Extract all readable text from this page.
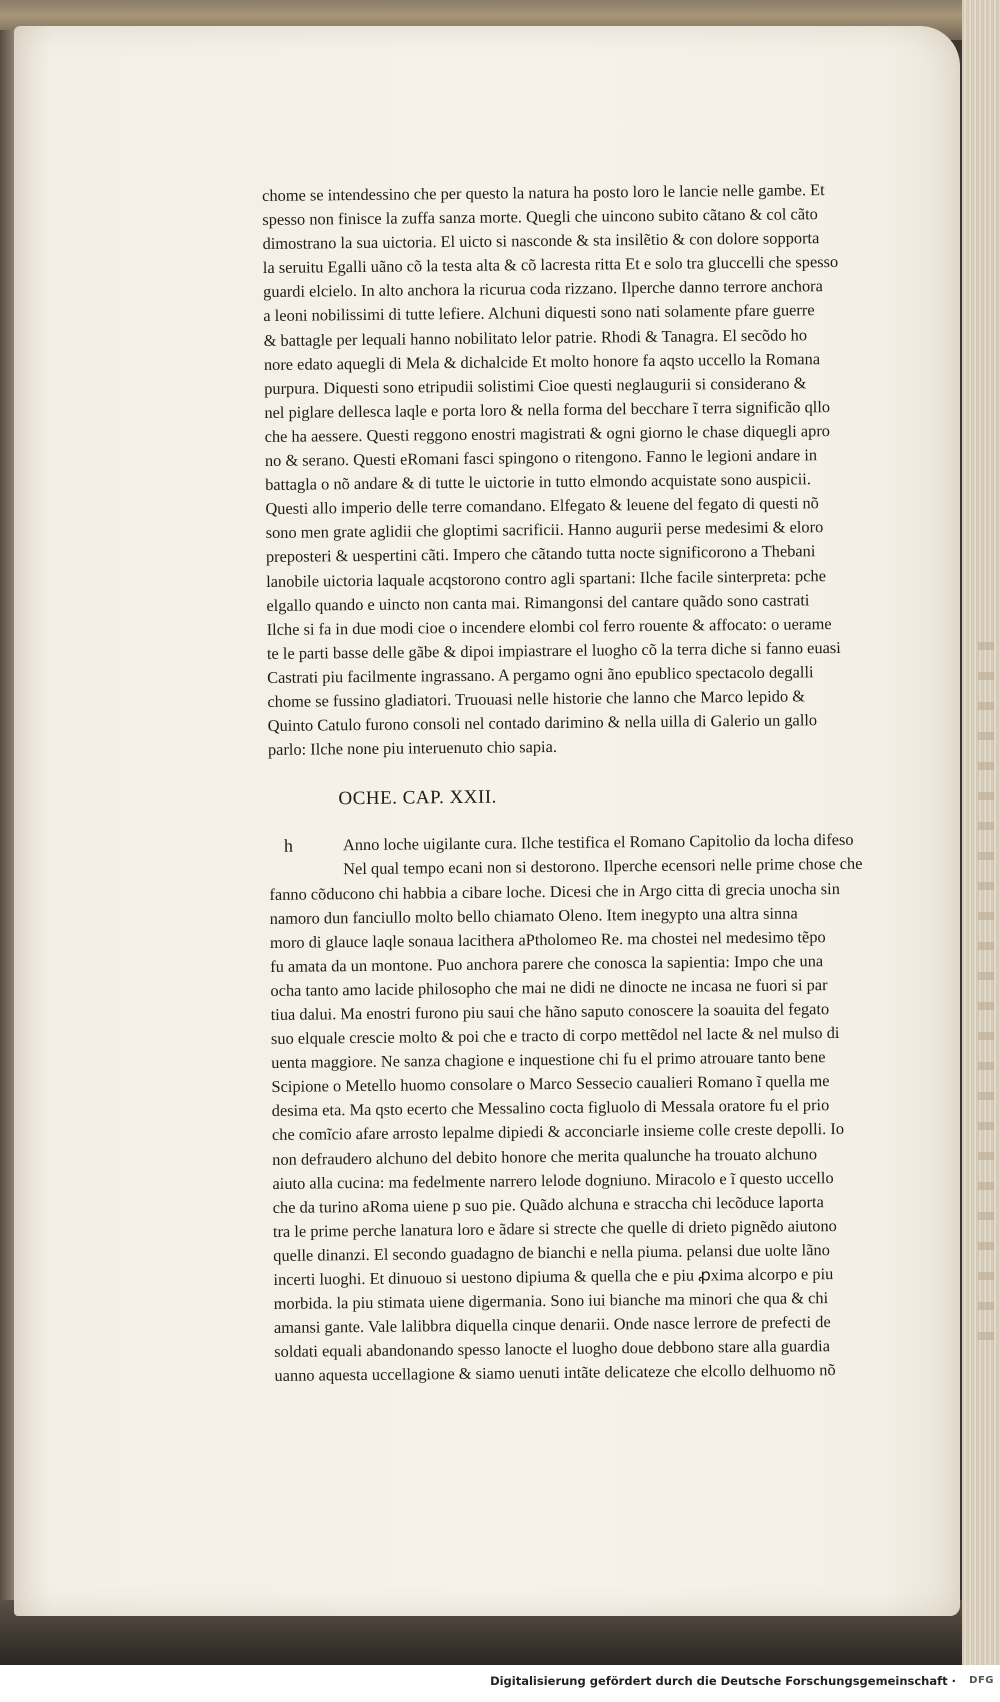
chome se intendessino che per questo la natura ha posto loro le lancie nelle gambe. Et
spesso non finisce la zuffa sanza morte. Quegli che uincono subito cãtano & col cãto
dimostrano la sua uictoria. El uicto si nasconde & sta insilẽtio & con dolore sopporta
la seruitu Egalli uãno cõ la testa alta & cõ lacresta ritta Et e solo tra gluccelli che spesso
guardi elcielo. In alto anchora la ricurua coda rizzano. Ilperche danno terrore anchora
a leoni nobilissimi di tutte lefiere. Alchuni diquesti sono nati solamente pfare guerre
& battagle per lequali hanno nobilitato lelor patrie. Rhodi & Tanagra. El secõdo ho
nore edato aquegli di Mela & dichalcide Et molto honore fa aqsto uccello la Romana
purpura. Diquesti sono etripudii solistimi Cioe questi neglaugurii si considerano &
nel piglare dellesca laqle e porta loro & nella forma del becchare ĩ terra significão qllo
che ha aessere. Questi reggono enostri magistrati & ogni giorno le chase diquegli apro
no & serano. Questi eRomani fasci spingono o ritengono. Fanno le legioni andare in
battagla o nõ andare & di tutte le uictorie in tutto elmondo acquistate sono auspicii.
Questi allo imperio delle terre comandano. Elfegato & leuene del fegato di questi nõ
sono men grate aglidii che gloptimi sacrificii. Hanno augurii perse medesimi & eloro
prepostеri & uespertini cãti. Impero che cãtando tutta nocte significorono a Thebani
lanobile uictoria laquale acqstorono contro agli spartani: Ilche facile sinterpreta: pche
elgallo quando e uincto non canta mai. Rimangonsi del cantare quãdo sono castrati
Ilche si fa in due modi cioe o incendere elombi col ferro rouente & affocato: o uerame
te le parti basse delle gãbe & dipoi impiastrare el luogho cõ la terra diche si fanno euasi
Castrati piu facilmente ingrassano. A pergamo ogni ãno epublico spectacolo degalli
chome se fussino gladiatori. Truouasi nelle historie che lanno che Marco lepido &
Quinto Catulo furono consoli nel contado darimino & nella uilla di Galerio un gallo
parlo: Ilche none piu interuenuto chio sapia.
OCHE. CAP. XXII.
h	Anno loche uigilante cura. Ilche testifica el Romano Capitolio da locha difeso
Nel qual tempo ecani non si destorono. Ilperche ecensori nelle prime chose che
fanno cõducono chi habbia a cibare loche. Dicesi che in Argo citta di grecia unocha sin
namoro dun fanciullo molto bello chiamato Oleno. Item inegypto una altra sinna
moro di glauce laqle sonaua lacithera aPtholomeo Re. ma chostei nel medesimo tẽpo
fu amata da un montone. Puo anchora parere che conosca la sapientia: Impo che una
ocha tanto amo lacide philosopho che mai ne didi ne dinocte ne incasa ne fuori si par
tiua dalui. Ma enostri furono piu saui che hãno saputo conoscere la soauita del fegato
suo elquale crescie molto & poi che e tracto di corpo mettẽdol nel lacte & nel mulso di
uenta maggiore. Ne sanza chagione e inquestione chi fu el primo atrouare tanto bene
Scipione o Metello huomo consolare o Marco Sessecio caualieri Romano ĩ quella me
desima eta. Ma qsto ecerto che Messalino cocta figluolo di Messala oratore fu el prio
che comĩcio afare arrosto lepalme dipiedi & acconciarle insieme colle creste depolli. Io
non defraudero alchuno del debito honore che merita qualunche ha trouato alchuno
aiuto alla cucina: ma fedelmente narrero lelode dogniuno. Miracolo e ĩ questo uccello
che da turino aRoma uiene p suo pie. Quãdo alchuna e stracchа chi lecõduce laporta
tra le prime perche lanatura loro e ãdare si strecte che quelle di drieto pignẽdo aiutono
quelle dinanzi. El secondo guadagno de bianchi e nella piuma. pelansi due uolte lãno
incerti luoghi. Et dinuouo si uestono dipiuma & quella che e piu ꝓxima alcorpo e piu
morbida. la piu stimata uiene digermania. Sono iui bianche ma minori che qua & chi
amansi gante. Vale lalibbra diquella cinque denarii. Onde nasce lerrore de prefecti de
soldati equali abandonando spesso lanocte el luogho doue debbono stare alla guardia
uanno aquesta uccellagione & siamo uenuti intãte delicateze che elcollo delhuomo nõ
Digitalisierung gefördert durch die Deutsche Forschungsgemeinschaft · DFG
